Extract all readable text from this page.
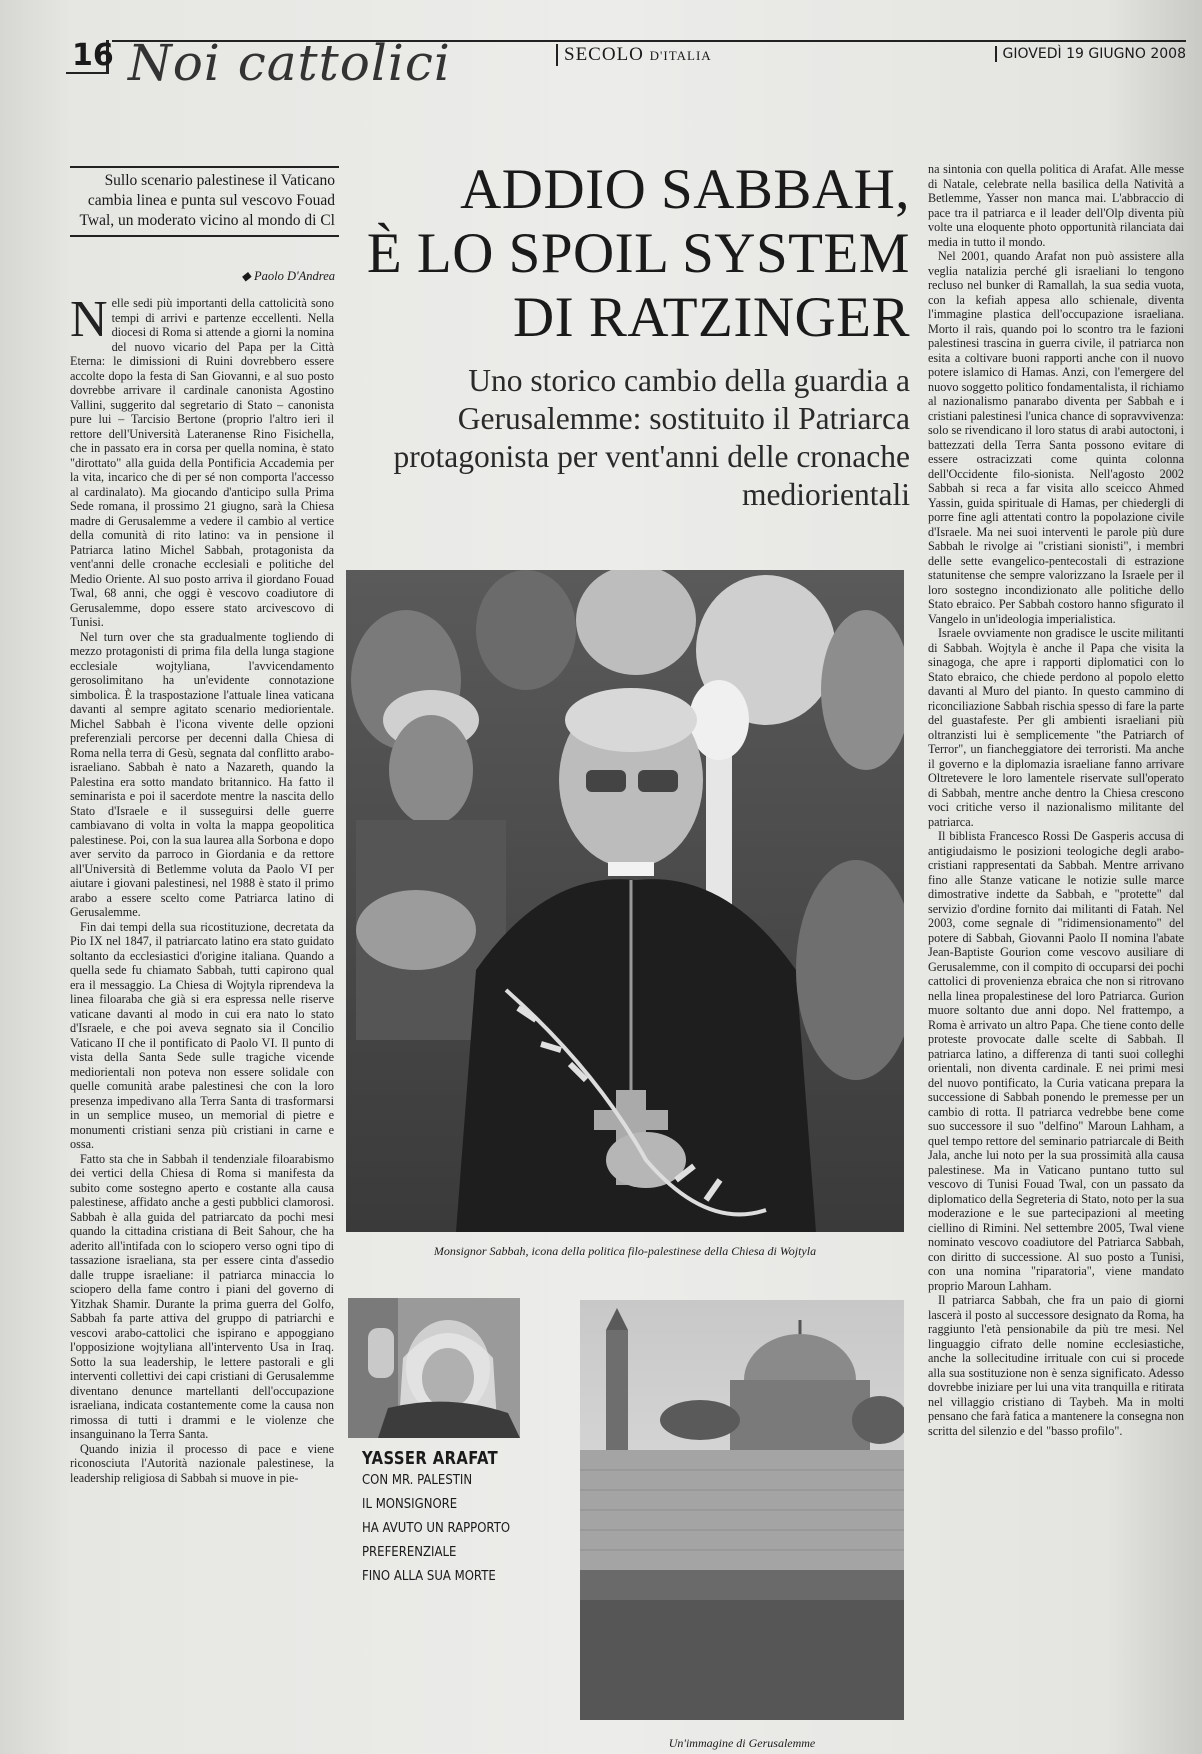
16 Noi cattolici	SECOLO D'ITALIA	GIOVEDÌ 19 GIUGNO 2008
Sullo scenario palestinese il Vaticano cambia linea e punta sul vescovo Fouad Twal, un moderato vicino al mondo di Cl
◆ Paolo D'Andrea
ADDIO SABBAH,
È LO SPOIL SYSTEM
DI RATZINGER
Uno storico cambio della guardia a Gerusalemme: sostituito il Patriarca protagonista per vent'anni delle cronache mediorientali

Nelle sedi più importanti della cattolicità sono tempi di arrivi e partenze eccellenti. Nella diocesi di Roma si attende a giorni la nomina del nuovo vicario del Papa per la Città Eterna: le dimissioni di Ruini dovrebbero essere accolte dopo la festa di San Giovanni, e al suo posto dovrebbe arrivare il cardinale canonista Agostino Vallini, suggerito dal segretario di Stato – canonista pure lui – Tarcisio Bertone (proprio l'altro ieri il rettore dell'Università Lateranense Rino Fisichella, che in passato era in corsa per quella nomina, è stato "dirottato" alla guida della Pontificia Accademia per la vita, incarico che di per sé non comporta l'accesso al cardinalato). Ma giocando d'anticipo sulla Prima Sede romana, il prossimo 21 giugno, sarà la Chiesa madre di Gerusalemme a vedere il cambio al vertice della comunità di rito latino: va in pensione il Patriarca latino Michel Sabbah, protagonista da vent'anni delle cronache ecclesiali e politiche del Medio Oriente. Al suo posto arriva il giordano Fouad Twal, 68 anni, che oggi è vescovo coadiutore di Gerusalemme, dopo essere stato arcivescovo di Tunisi.

Nel turn over che sta gradualmente togliendo di mezzo protagonisti di prima fila della lunga stagione ecclesiale wojtyliana, l'avvicendamento gerosolimitano ha un'evidente connotazione simbolica. È la traspostazione l'attuale linea vaticana davanti al sempre agitato scenario mediorientale. Michel Sabbah è l'icona vivente delle opzioni preferenziali percorse per decenni dalla Chiesa di Roma nella terra di Gesù, segnata dal conflitto arabo-israeliano. Sabbah è nato a Nazareth, quando la Palestina era sotto mandato britannico. Ha fatto il seminarista e poi il sacerdote mentre la nascita dello Stato d'Israele e il susseguirsi delle guerre cambiavano di volta in volta la mappa geopolitica palestinese. Poi, con la sua laurea alla Sorbona e dopo aver servito da parroco in Giordania e da rettore all'Università di Betlemme voluta da Paolo VI per aiutare i giovani palestinesi, nel 1988 è stato il primo arabo a essere scelto come Patriarca latino di Gerusalemme.

Fin dai tempi della sua ricostituzione, decretata da Pio IX nel 1847, il patriarcato latino era stato guidato soltanto da ecclesiastici d'origine italiana. Quando a quella sede fu chiamato Sabbah, tutti capirono qual era il messaggio. La Chiesa di Wojtyla riprendeva la linea filoaraba che già si era espressa nelle riserve vaticane davanti al modo in cui era nato lo stato d'Israele, e che poi aveva segnato sia il Concilio Vaticano II che il pontificato di Paolo VI. Il punto di vista della Santa Sede sulle tragiche vicende mediorientali non poteva non essere solidale con quelle comunità arabe palestinesi che con la loro presenza impedivano alla Terra Santa di trasformarsi in un semplice museo, un memorial di pietre e monumenti cristiani senza più cristiani in carne e ossa.

Fatto sta che in Sabbah il tendenziale filoarabismo dei vertici della Chiesa di Roma si manifesta da subito come sostegno aperto e costante alla causa palestinese, affidato anche a gesti pubblici clamorosi. Sabbah è alla guida del patriarcato da pochi mesi quando la cittadina cristiana di Beit Sahour, che ha aderito all'intifada con lo sciopero verso ogni tipo di tassazione israeliana, sta per essere cinta d'assedio dalle truppe israeliane: il patriarca minaccia lo sciopero della fame contro i piani del governo di Yitzhak Shamir. Durante la prima guerra del Golfo, Sabbah fa parte attiva del gruppo di patriarchi e vescovi arabo-cattolici che ispirano e appoggiano l'opposizione wojtyliana all'intervento Usa in Iraq. Sotto la sua leadership, le lettere pastorali e gli interventi collettivi dei capi cristiani di Gerusalemme diventano denunce martellanti dell'occupazione israeliana, indicata costantemente come la causa non rimossa di tutti i drammi e le violenze che insanguinano la Terra Santa.

Quando inizia il processo di pace e viene riconosciuta l'Autorità nazionale palestinese, la leadership religiosa di Sabbah si muove in pie-

Monsignor Sabbah, icona della politica filo-palestinese della Chiesa di Wojtyla
YASSER ARAFAT
CON MR. PALESTIN
IL MONSIGNORE
HA AVUTO UN RAPPORTO
PREFERENZIALE
FINO ALLA SUA MORTE
Un'immagine di Gerusalemme

na sintonia con quella politica di Arafat. Alle messe di Natale, celebrate nella basilica della Natività a Betlemme, Yasser non manca mai. L'abbraccio di pace tra il patriarca e il leader dell'Olp diventa più volte una eloquente photo opportunità rilanciata dai media in tutto il mondo.

Nel 2001, quando Arafat non può assistere alla veglia natalizia perché gli israeliani lo tengono recluso nel bunker di Ramallah, la sua sedia vuota, con la kefiah appesa allo schienale, diventa l'immagine plastica dell'occupazione israeliana. Morto il raìs, quando poi lo scontro tra le fazioni palestinesi trascina in guerra civile, il patriarca non esita a coltivare buoni rapporti anche con il nuovo potere islamico di Hamas. Anzi, con l'emergere del nuovo soggetto politico fondamentalista, il richiamo al nazionalismo panarabo diventa per Sabbah e i cristiani palestinesi l'unica chance di sopravvivenza: solo se rivendicano il loro status di arabi autoctoni, i battezzati della Terra Santa possono evitare di essere ostracizzati come quinta colonna dell'Occidente filo-sionista. Nell'agosto 2002 Sabbah si reca a far visita allo sceicco Ahmed Yassin, guida spirituale di Hamas, per chiedergli di porre fine agli attentati contro la popolazione civile d'Israele. Ma nei suoi interventi le parole più dure Sabbah le rivolge ai "cristiani sionisti", i membri delle sette evangelico-pentecostali di estrazione statunitense che sempre valorizzano la Israele per il loro sostegno incondizionato alle politiche dello Stato ebraico. Per Sabbah costoro hanno sfigurato il Vangelo in un'ideologia imperialistica.

Israele ovviamente non gradisce le uscite militanti di Sabbah. Wojtyla è anche il Papa che visita la sinagoga, che apre i rapporti diplomatici con lo Stato ebraico, che chiede perdono al popolo eletto davanti al Muro del pianto. In questo cammino di riconciliazione Sabbah rischia spesso di fare la parte del guastafeste. Per gli ambienti israeliani più oltranzisti lui è semplicemente "the Patriarch of Terror", un fiancheggiatore dei terroristi. Ma anche il governo e la diplomazia israeliane fanno arrivare Oltretevere le loro lamentele riservate sull'operato di Sabbah, mentre anche dentro la Chiesa crescono voci critiche verso il nazionalismo militante del patriarca.

Il biblista Francesco Rossi De Gasperis accusa di antigiudaismo le posizioni teologiche degli arabo-cristiani rappresentati da Sabbah. Mentre arrivano fino alle Stanze vaticane le notizie sulle marce dimostrative indette da Sabbah, e "protette" dal servizio d'ordine fornito dai militanti di Fatah. Nel 2003, come segnale di "ridimensionamento" del potere di Sabbah, Giovanni Paolo II nomina l'abate Jean-Baptiste Gourion come vescovo ausiliare di Gerusalemme, con il compito di occuparsi dei pochi cattolici di provenienza ebraica che non si ritrovano nella linea propalestinese del loro Patriarca. Gurion muore soltanto due anni dopo. Nel frattempo, a Roma è arrivato un altro Papa. Che tiene conto delle proteste provocate dalle scelte di Sabbah. Il patriarca latino, a differenza di tanti suoi colleghi orientali, non diventa cardinale. E nei primi mesi del nuovo pontificato, la Curia vaticana prepara la successione di Sabbah ponendo le premesse per un cambio di rotta. Il patriarca vedrebbe bene come suo successore il suo "delfino" Maroun Lahham, a quel tempo rettore del seminario patriarcale di Beith Jala, anche lui noto per la sua prossimità alla causa palestinese. Ma in Vaticano puntano tutto sul vescovo di Tunisi Fouad Twal, con un passato da diplomatico della Segreteria di Stato, noto per la sua moderazione e le sue partecipazioni al meeting ciellino di Rimini. Nel settembre 2005, Twal viene nominato vescovo coadiutore del Patriarca Sabbah, con diritto di successione. Al suo posto a Tunisi, con una nomina "riparatoria", viene mandato proprio Maroun Lahham.

Il patriarca Sabbah, che fra un paio di giorni lascerà il posto al successore designato da Roma, ha raggiunto l'età pensionabile da più tre mesi. Nel linguaggio cifrato delle nomine ecclesiastiche, anche la sollecitudine irrituale con cui si procede alla sua sostituzione non è senza significato. Adesso dovrebbe iniziare per lui una vita tranquilla e ritirata nel villaggio cristiano di Taybeh. Ma in molti pensano che farà fatica a mantenere la consegna non scritta del silenzio e del "basso profilo".
